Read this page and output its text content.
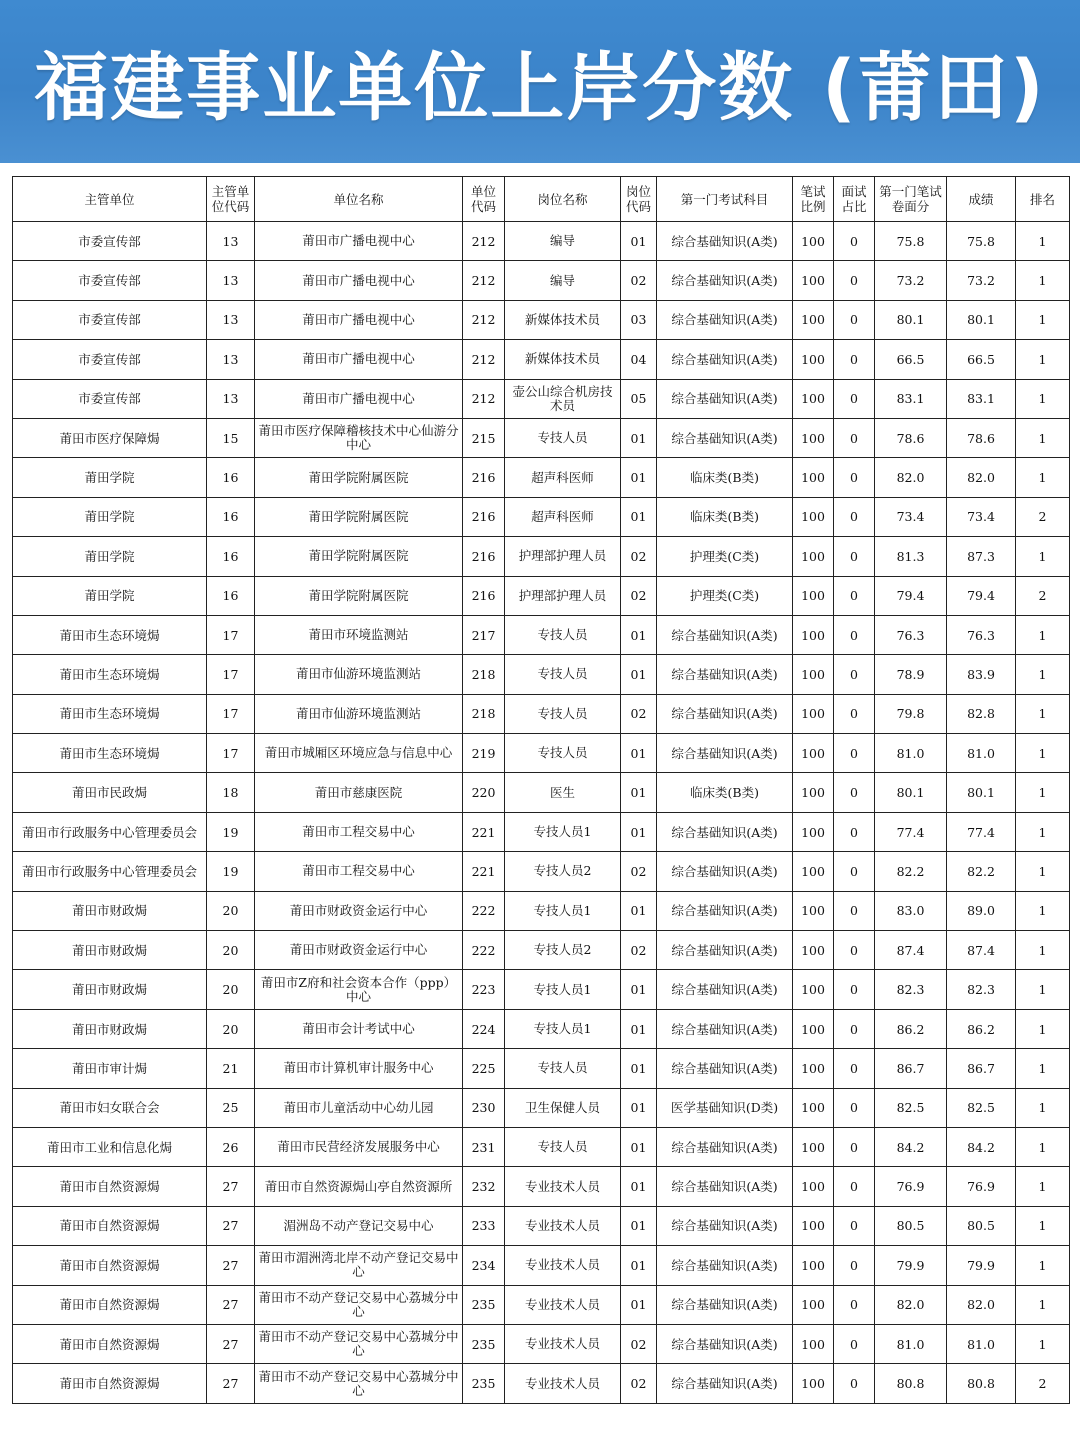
福建事业单位上岸分数 (莆田)
主管单位	主管单位代码	单位名称	单位代码	岗位名称	岗位代码	第一门考试科目	笔试比例	面试占比	第一门笔试卷面分	成绩	排名
市委宣传部	13	莆田市广播电视中心	212	编导	01	综合基础知识(A类)	100	0	75.8	75.8	1
市委宣传部	13	莆田市广播电视中心	212	编导	02	综合基础知识(A类)	100	0	73.2	73.2	1
市委宣传部	13	莆田市广播电视中心	212	新媒体技术员	03	综合基础知识(A类)	100	0	80.1	80.1	1
市委宣传部	13	莆田市广播电视中心	212	新媒体技术员	04	综合基础知识(A类)	100	0	66.5	66.5	1
市委宣传部	13	莆田市广播电视中心	212	壶公山综合机房技术员	05	综合基础知识(A类)	100	0	83.1	83.1	1
莆田市医疗保障焗	15	莆田市医疗保障稽核技术中心仙游分中心	215	专技人员	01	综合基础知识(A类)	100	0	78.6	78.6	1
莆田学院	16	莆田学院附属医院	216	超声科医师	01	临床类(B类)	100	0	82.0	82.0	1
莆田学院	16	莆田学院附属医院	216	超声科医师	01	临床类(B类)	100	0	73.4	73.4	2
莆田学院	16	莆田学院附属医院	216	护理部护理人员	02	护理类(C类)	100	0	81.3	87.3	1
莆田学院	16	莆田学院附属医院	216	护理部护理人员	02	护理类(C类)	100	0	79.4	79.4	2
莆田市生态环境焗	17	莆田市环境监测站	217	专技人员	01	综合基础知识(A类)	100	0	76.3	76.3	1
莆田市生态环境焗	17	莆田市仙游环境监测站	218	专技人员	01	综合基础知识(A类)	100	0	78.9	83.9	1
莆田市生态环境焗	17	莆田市仙游环境监测站	218	专技人员	02	综合基础知识(A类)	100	0	79.8	82.8	1
莆田市生态环境焗	17	莆田市城厢区环境应急与信息中心	219	专技人员	01	综合基础知识(A类)	100	0	81.0	81.0	1
莆田市民政焗	18	莆田市慈康医院	220	医生	01	临床类(B类)	100	0	80.1	80.1	1
莆田市行政服务中心管理委员会	19	莆田市工程交易中心	221	专技人员1	01	综合基础知识(A类)	100	0	77.4	77.4	1
莆田市行政服务中心管理委员会	19	莆田市工程交易中心	221	专技人员2	02	综合基础知识(A类)	100	0	82.2	82.2	1
莆田市财政焗	20	莆田市财政资金运行中心	222	专技人员1	01	综合基础知识(A类)	100	0	83.0	89.0	1
莆田市财政焗	20	莆田市财政资金运行中心	222	专技人员2	02	综合基础知识(A类)	100	0	87.4	87.4	1
莆田市财政焗	20	莆田市Z府和社会资本合作（ppp）中心	223	专技人员1	01	综合基础知识(A类)	100	0	82.3	82.3	1
莆田市财政焗	20	莆田市会计考试中心	224	专技人员1	01	综合基础知识(A类)	100	0	86.2	86.2	1
莆田市审计焗	21	莆田市计算机审计服务中心	225	专技人员	01	综合基础知识(A类)	100	0	86.7	86.7	1
莆田市妇女联合会	25	莆田市儿童活动中心幼儿园	230	卫生保健人员	01	医学基础知识(D类)	100	0	82.5	82.5	1
莆田市工业和信息化焗	26	莆田市民营经济发展服务中心	231	专技人员	01	综合基础知识(A类)	100	0	84.2	84.2	1
莆田市自然资源焗	27	莆田市自然资源焗山亭自然资源所	232	专业技术人员	01	综合基础知识(A类)	100	0	76.9	76.9	1
莆田市自然资源焗	27	湄洲岛不动产登记交易中心	233	专业技术人员	01	综合基础知识(A类)	100	0	80.5	80.5	1
莆田市自然资源焗	27	莆田市湄洲湾北岸不动产登记交易中心	234	专业技术人员	01	综合基础知识(A类)	100	0	79.9	79.9	1
莆田市自然资源焗	27	莆田市不动产登记交易中心荔城分中心	235	专业技术人员	01	综合基础知识(A类)	100	0	82.0	82.0	1
莆田市自然资源焗	27	莆田市不动产登记交易中心荔城分中心	235	专业技术人员	02	综合基础知识(A类)	100	0	81.0	81.0	1
莆田市自然资源焗	27	莆田市不动产登记交易中心荔城分中心	235	专业技术人员	02	综合基础知识(A类)	100	0	80.8	80.8	2
